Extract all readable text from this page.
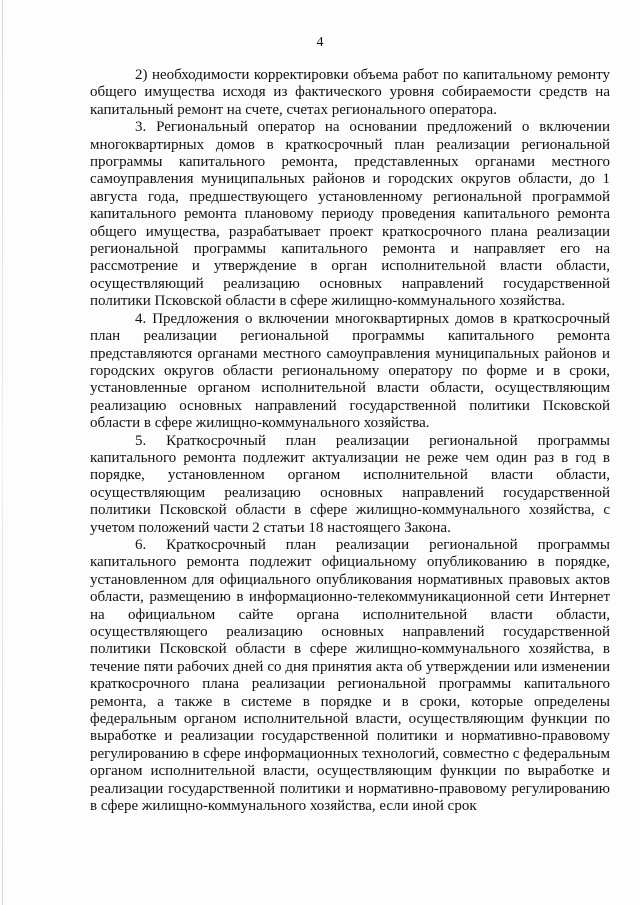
4

2) необходимости корректировки объема работ по капитальному ремонту общего имущества исходя из фактического уровня собираемости средств на капитальный ремонт на счете, счетах регионального оператора.

3. Региональный оператор на основании предложений о включении многоквартирных домов в краткосрочный план реализации региональной программы капитального ремонта, представленных органами местного самоуправления муниципальных районов и городских округов области, до 1 августа года, предшествующего установленному региональной программой капитального ремонта плановому периоду проведения капитального ремонта общего имущества, разрабатывает проект краткосрочного плана реализации региональной программы капитального ремонта и направляет его на рассмотрение и утверждение в орган исполнительной власти области, осуществляющий реализацию основных направлений государственной политики Псковской области в сфере жилищно-коммунального хозяйства.

4. Предложения о включении многоквартирных домов в краткосрочный план реализации региональной программы капитального ремонта представляются органами местного самоуправления муниципальных районов и городских округов области региональному оператору по форме и в сроки, установленные органом исполнительной власти области, осуществляющим реализацию основных направлений государственной политики Псковской области в сфере жилищно-коммунального хозяйства.

5. Краткосрочный план реализации региональной программы капитального ремонта подлежит актуализации не реже чем один раз в год в порядке, установленном органом исполнительной власти области, осуществляющим реализацию основных направлений государственной политики Псковской области в сфере жилищно-коммунального хозяйства, с учетом положений части 2 статьи 18 настоящего Закона.

6. Краткосрочный план реализации региональной программы капитального ремонта подлежит официальному опубликованию в порядке, установленном для официального опубликования нормативных правовых актов области, размещению в информационно-телекоммуникационной сети Интернет на официальном сайте органа исполнительной власти области, осуществляющего реализацию основных направлений государственной политики Псковской области в сфере жилищно-коммунального хозяйства, в течение пяти рабочих дней со дня принятия акта об утверждении или изменении краткосрочного плана реализации региональной программы капитального ремонта, а также в системе в порядке и в сроки, которые определены федеральным органом исполнительной власти, осуществляющим функции по выработке и реализации государственной политики и нормативно-правовому регулированию в сфере информационных технологий, совместно с федеральным органом исполнительной власти, осуществляющим функции по выработке и реализации государственной политики и нормативно-правовому регулированию в сфере жилищно-коммунального хозяйства, если иной срок
